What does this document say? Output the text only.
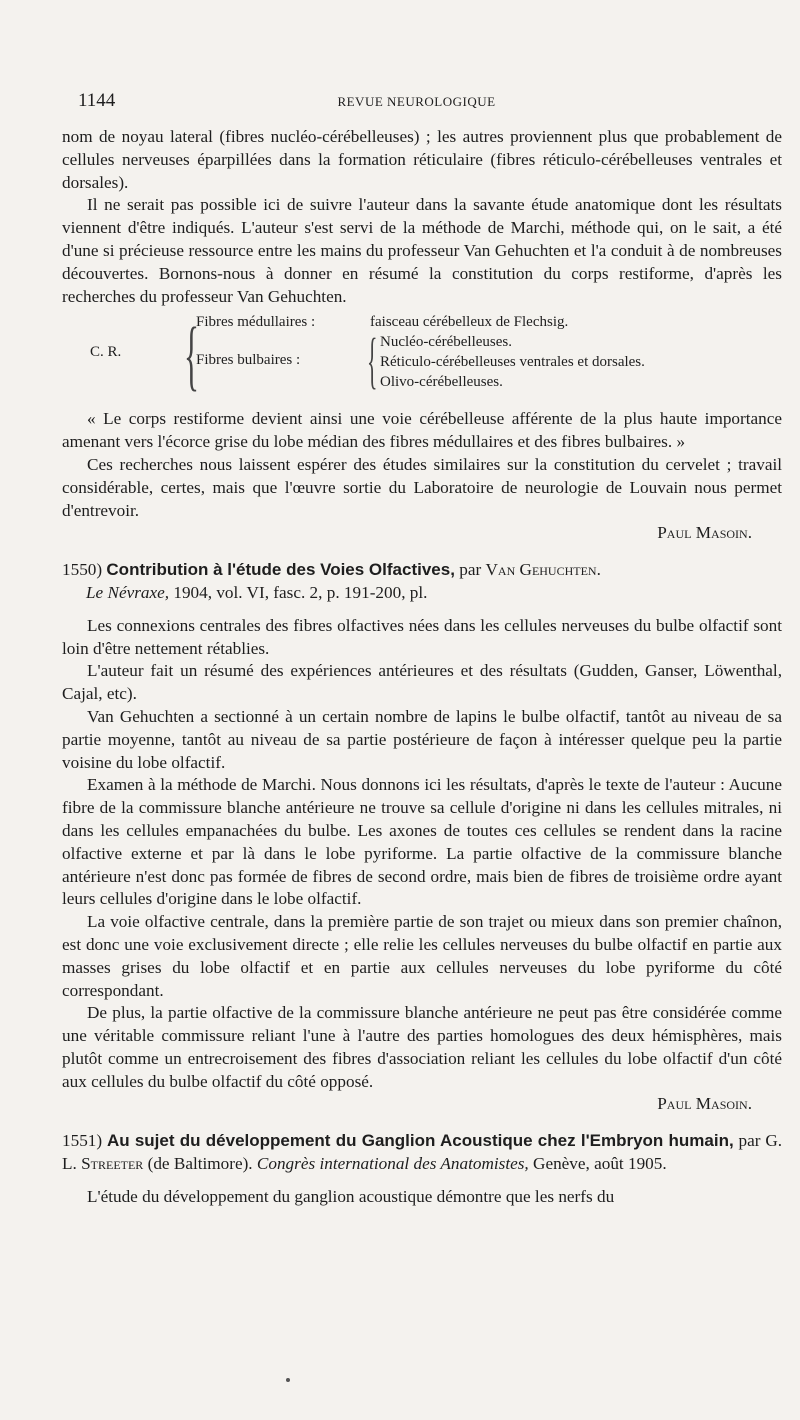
1144	REVUE NEUROLOGIQUE

nom de noyau lateral (fibres nucléo-cérébelleuses) ; les autres proviennent plus que probablement de cellules nerveuses éparpillées dans la formation réticulaire (fibres réticulo-cérébelleuses ventrales et dorsales).

Il ne serait pas possible ici de suivre l'auteur dans la savante étude anatomique dont les résultats viennent d'être indiqués. L'auteur s'est servi de la méthode de Marchi, méthode qui, on le sait, a été d'une si précieuse ressource entre les mains du professeur Van Gehuchten et l'a conduit à de nombreuses découvertes. Bornons-nous à donner en résumé la constitution du corps restiforme, d'après les recherches du professeur Van Gehuchten.

C. R. {
Fibres médullaires :	faisceau cérébelleux de Flechsig.
Fibres bulbaires : { Nucléo-cérébelleuses.
Réticulo-cérébelleuses ventrales et dorsales.
Olivo-cérébelleuses.

« Le corps restiforme devient ainsi une voie cérébelleuse afférente de la plus haute importance amenant vers l'écorce grise du lobe médian des fibres médullaires et des fibres bulbaires. »

Ces recherches nous laissent espérer des études similaires sur la constitution du cervelet ; travail considérable, certes, mais que l'œuvre sortie du Laboratoire de neurologie de Louvain nous permet d'entrevoir.

Paul Masoin.

1550) Contribution à l'étude des Voies Olfactives, par Van Gehuchten.

Le Névraxe, 1904, vol. VI, fasc. 2, p. 191-200, pl.

Les connexions centrales des fibres olfactives nées dans les cellules nerveuses du bulbe olfactif sont loin d'être nettement rétablies.

L'auteur fait un résumé des expériences antérieures et des résultats (Gudden, Ganser, Löwenthal, Cajal, etc).

Van Gehuchten a sectionné à un certain nombre de lapins le bulbe olfactif, tantôt au niveau de sa partie moyenne, tantôt au niveau de sa partie postérieure de façon à intéresser quelque peu la partie voisine du lobe olfactif.

Examen à la méthode de Marchi. Nous donnons ici les résultats, d'après le texte de l'auteur : Aucune fibre de la commissure blanche antérieure ne trouve sa cellule d'origine ni dans les cellules mitrales, ni dans les cellules empanachées du bulbe. Les axones de toutes ces cellules se rendent dans la racine olfactive externe et par là dans le lobe pyriforme. La partie olfactive de la commissure blanche antérieure n'est donc pas formée de fibres de second ordre, mais bien de fibres de troisième ordre ayant leurs cellules d'origine dans le lobe olfactif.

La voie olfactive centrale, dans la première partie de son trajet ou mieux dans son premier chaînon, est donc une voie exclusivement directe ; elle relie les cellules nerveuses du bulbe olfactif en partie aux masses grises du lobe olfactif et en partie aux cellules nerveuses du lobe pyriforme du côté correspondant.

De plus, la partie olfactive de la commissure blanche antérieure ne peut pas être considérée comme une véritable commissure reliant l'une à l'autre des parties homologues des deux hémisphères, mais plutôt comme un entrecroisement des fibres d'association reliant les cellules du lobe olfactif d'un côté aux cellules du bulbe olfactif du côté opposé.

Paul Masoin.

1551) Au sujet du développement du Ganglion Acoustique chez l'Embryon humain, par G. L. Streeter (de Baltimore). Congrès international des Anatomistes, Genève, août 1905.

L'étude du développement du ganglion acoustique démontre que les nerfs du
